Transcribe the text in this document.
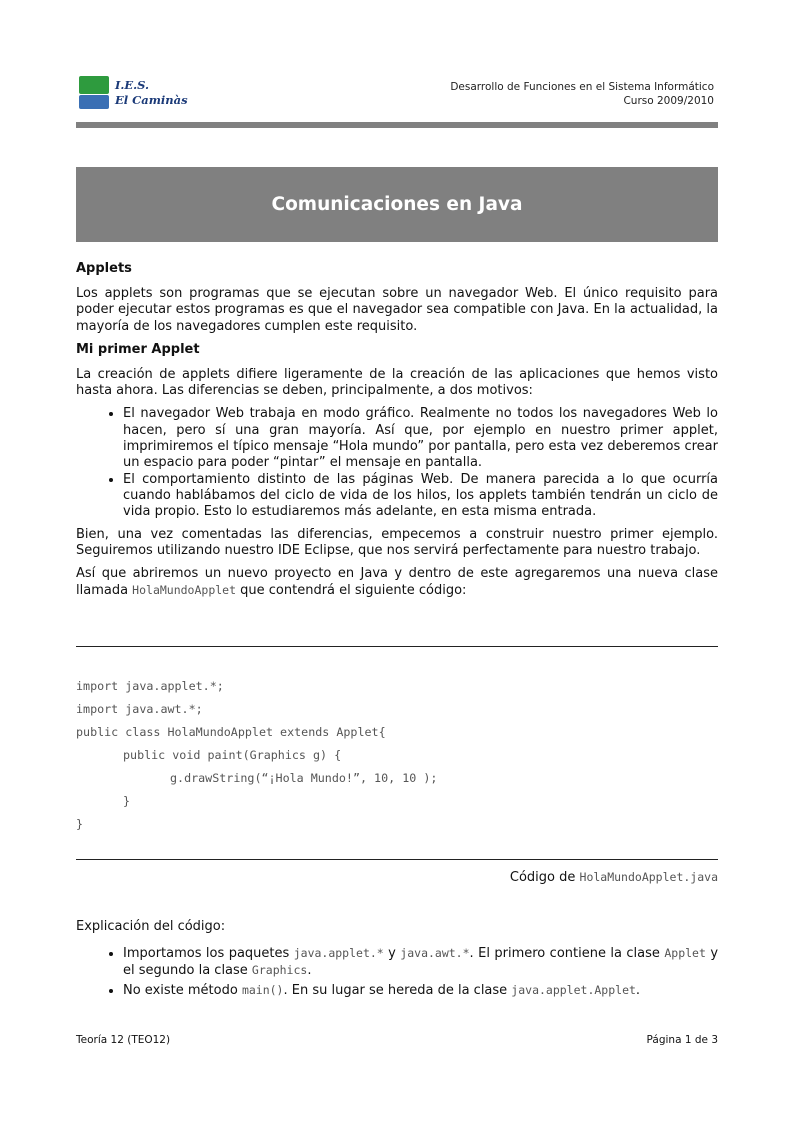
I.E.S.
El Caminàs
Desarrollo de Funciones en el Sistema Informático
Curso 2009/2010
Comunicaciones en Java
Applets

Los applets son programas que se ejecutan sobre un navegador Web. El único requisito para poder ejecutar estos programas es que el navegador sea compatible con Java. En la actualidad, la mayoría de los navegadores cumplen este requisito.

Mi primer Applet

La creación de applets difiere ligeramente de la creación de las aplicaciones que hemos visto hasta ahora. Las diferencias se deben, principalmente, a dos motivos:

• El navegador Web trabaja en modo gráfico. Realmente no todos los navegadores Web lo hacen, pero sí una gran mayoría. Así que, por ejemplo en nuestro primer applet, imprimiremos el típico mensaje “Hola mundo” por pantalla, pero esta vez deberemos crear un espacio para poder “pintar” el mensaje en pantalla.
• El comportamiento distinto de las páginas Web. De manera parecida a lo que ocurría cuando hablábamos del ciclo de vida de los hilos, los applets también tendrán un ciclo de vida propio. Esto lo estudiaremos más adelante, en esta misma entrada.

Bien, una vez comentadas las diferencias, empecemos a construir nuestro primer ejemplo. Seguiremos utilizando nuestro IDE Eclipse, que nos servirá perfectamente para nuestro trabajo.

Así que abriremos un nuevo proyecto en Java y dentro de este agregaremos una nueva clase llamada HolaMundoApplet que contendrá el siguiente código:

import java.applet.*;
import java.awt.*;
public class HolaMundoApplet extends Applet{
public void paint(Graphics g) {
g.drawString(“¡Hola Mundo!”, 10, 10 );
}
}
Código de HolaMundoApplet.java

Explicación del código:

• Importamos los paquetes java.applet.* y java.awt.*. El primero contiene la clase Applet y el segundo la clase Graphics.
• No existe método main(). En su lugar se hereda de la clase java.applet.Applet.
Teoría 12 (TEO12)	Página 1 de 3
